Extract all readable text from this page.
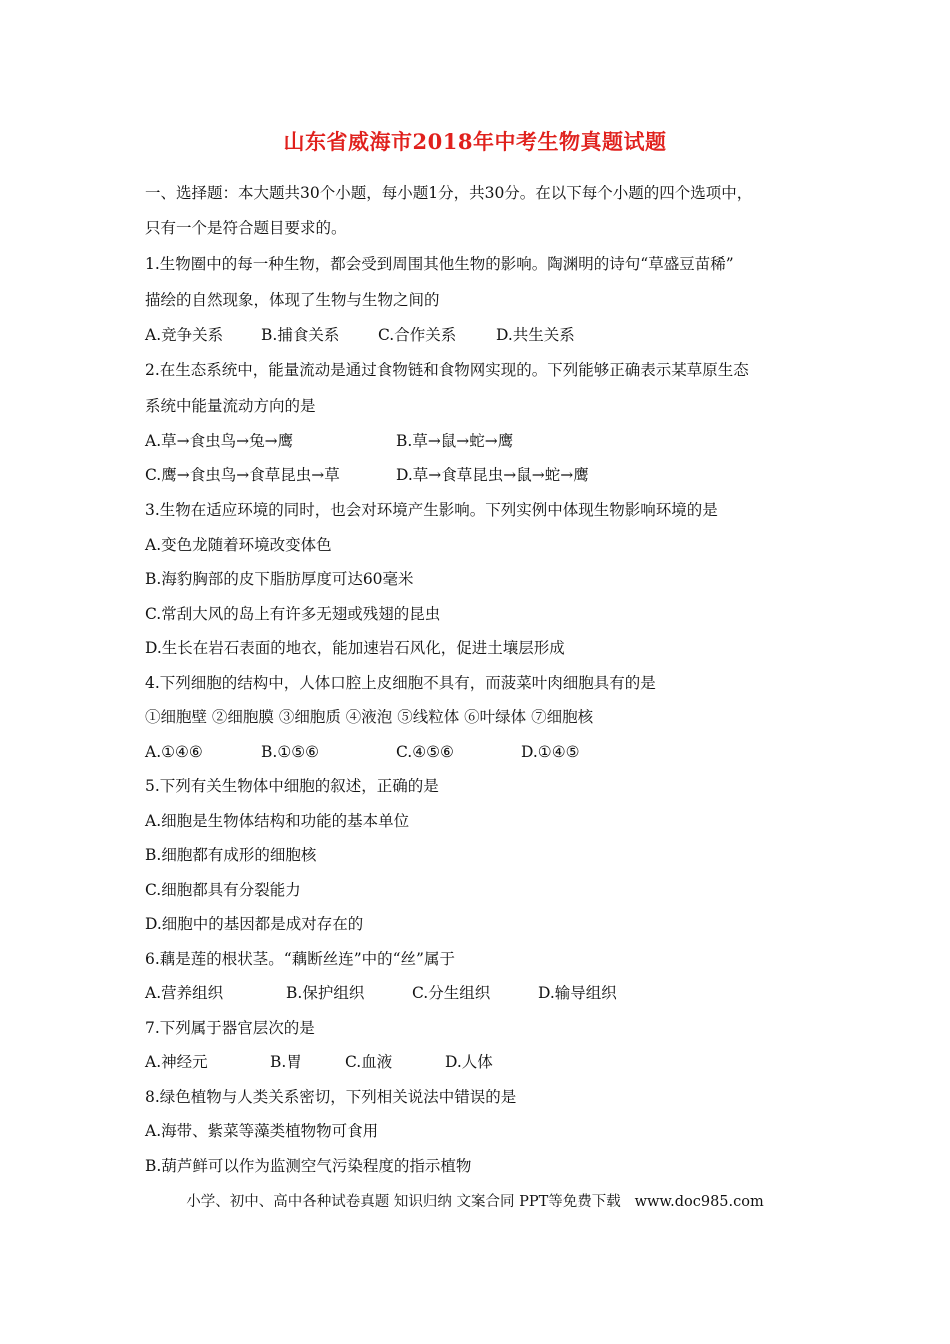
山东省威海市2018年中考生物真题试题
一、选择题：本大题共30个小题，每小题1分，共30分。在以下每个小题的四个选项中，
只有一个是符合题目要求的。
1.生物圈中的每一种生物，都会受到周围其他生物的影响。陶渊明的诗句“草盛豆苗稀”
描绘的自然现象，体现了生物与生物之间的
A.竞争关系 B.捕食关系 C.合作关系	D.共生关系
2.在生态系统中，能量流动是通过食物链和食物网实现的。下列能够正确表示某草原生态
系统中能量流动方向的是
A.草→食虫鸟→兔→鹰	B.草→鼠→蛇→鹰
C.鹰→食虫鸟→食草昆虫→草	D.草→食草昆虫→鼠→蛇→鹰
3.生物在适应环境的同时，也会对环境产生影响。下列实例中体现生物影响环境的是
A.变色龙随着环境改变体色
B.海豹胸部的皮下脂肪厚度可达60毫米
C.常刮大风的岛上有许多无翅或残翅的昆虫
D.生长在岩石表面的地衣，能加速岩石风化，促进土壤层形成
4.下列细胞的结构中，人体口腔上皮细胞不具有，而菠菜叶肉细胞具有的是
①细胞壁 ②细胞膜 ③细胞质 ④液泡 ⑤线粒体 ⑥叶绿体 ⑦细胞核
A.①④⑥	B.①⑤⑥	C.④⑤⑥	D.①④⑤
5.下列有关生物体中细胞的叙述，正确的是
A.细胞是生物体结构和功能的基本单位
B.细胞都有成形的细胞核
C.细胞都具有分裂能力
D.细胞中的基因都是成对存在的
6.藕是莲的根状茎。“藕断丝连”中的“丝”属于
A.营养组织	B.保护组织	C.分生组织	D.输导组织
7.下列属于器官层次的是
A.神经元	B.胃	C.血液	D.人体
8.绿色植物与人类关系密切，下列相关说法中错误的是
A.海带、紫菜等藻类植物物可食用
B.葫芦鲜可以作为监测空气污染程度的指示植物
小学、初中、高中各种试卷真题 知识归纳 文案合同 PPT等免费下载   www.doc985.com
